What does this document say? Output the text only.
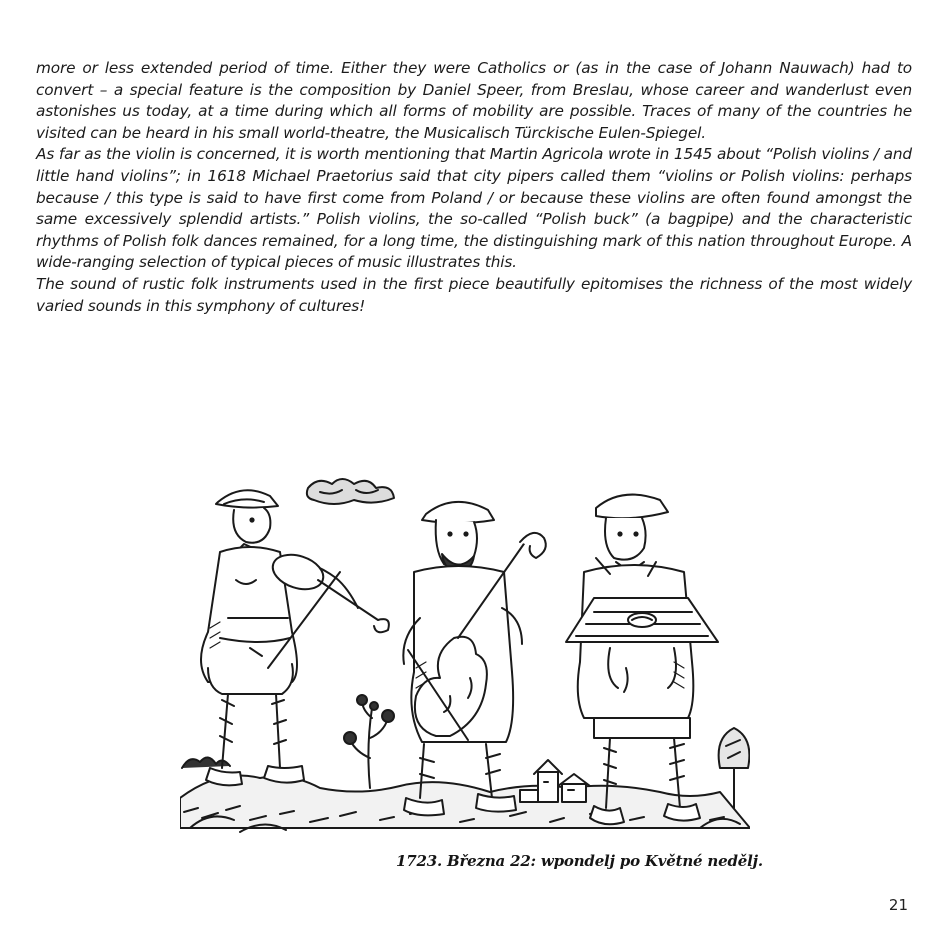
more or less extended period of time. Either they were Catholics or (as in the case of Johann Nauwach) had to convert – a special feature is the composition by Daniel Speer, from Breslau, whose career and wanderlust even astonishes us today, at a time during which all forms of mobility are possible. Traces of many of the countries he visited can be heard in his small world-theatre, the Musicalisch Türckische Eulen-Spiegel.

As far as the violin is concerned, it is worth mentioning that Martin Agricola wrote in 1545 about “Polish violins / and little hand violins”; in 1618 Michael Praetorius said that city pipers called them “violins or Polish violins: perhaps because / this type is said to have first come from Poland / or because these violins are often found amongst the same excessively splendid artists.” Polish violins, the so-called “Polish buck” (a bagpipe) and the characteristic rhythms of Polish folk dances remained, for a long time, the distinguishing mark of this nation throughout Europe. A wide-ranging selection of typical pieces of music illustrates this.

The sound of rustic folk instruments used in the first piece beautifully epitomises the richness of the most widely varied sounds in this symphony of cultures!

1723. Březnа 22: wpondelj po Květné nedělj.
21
